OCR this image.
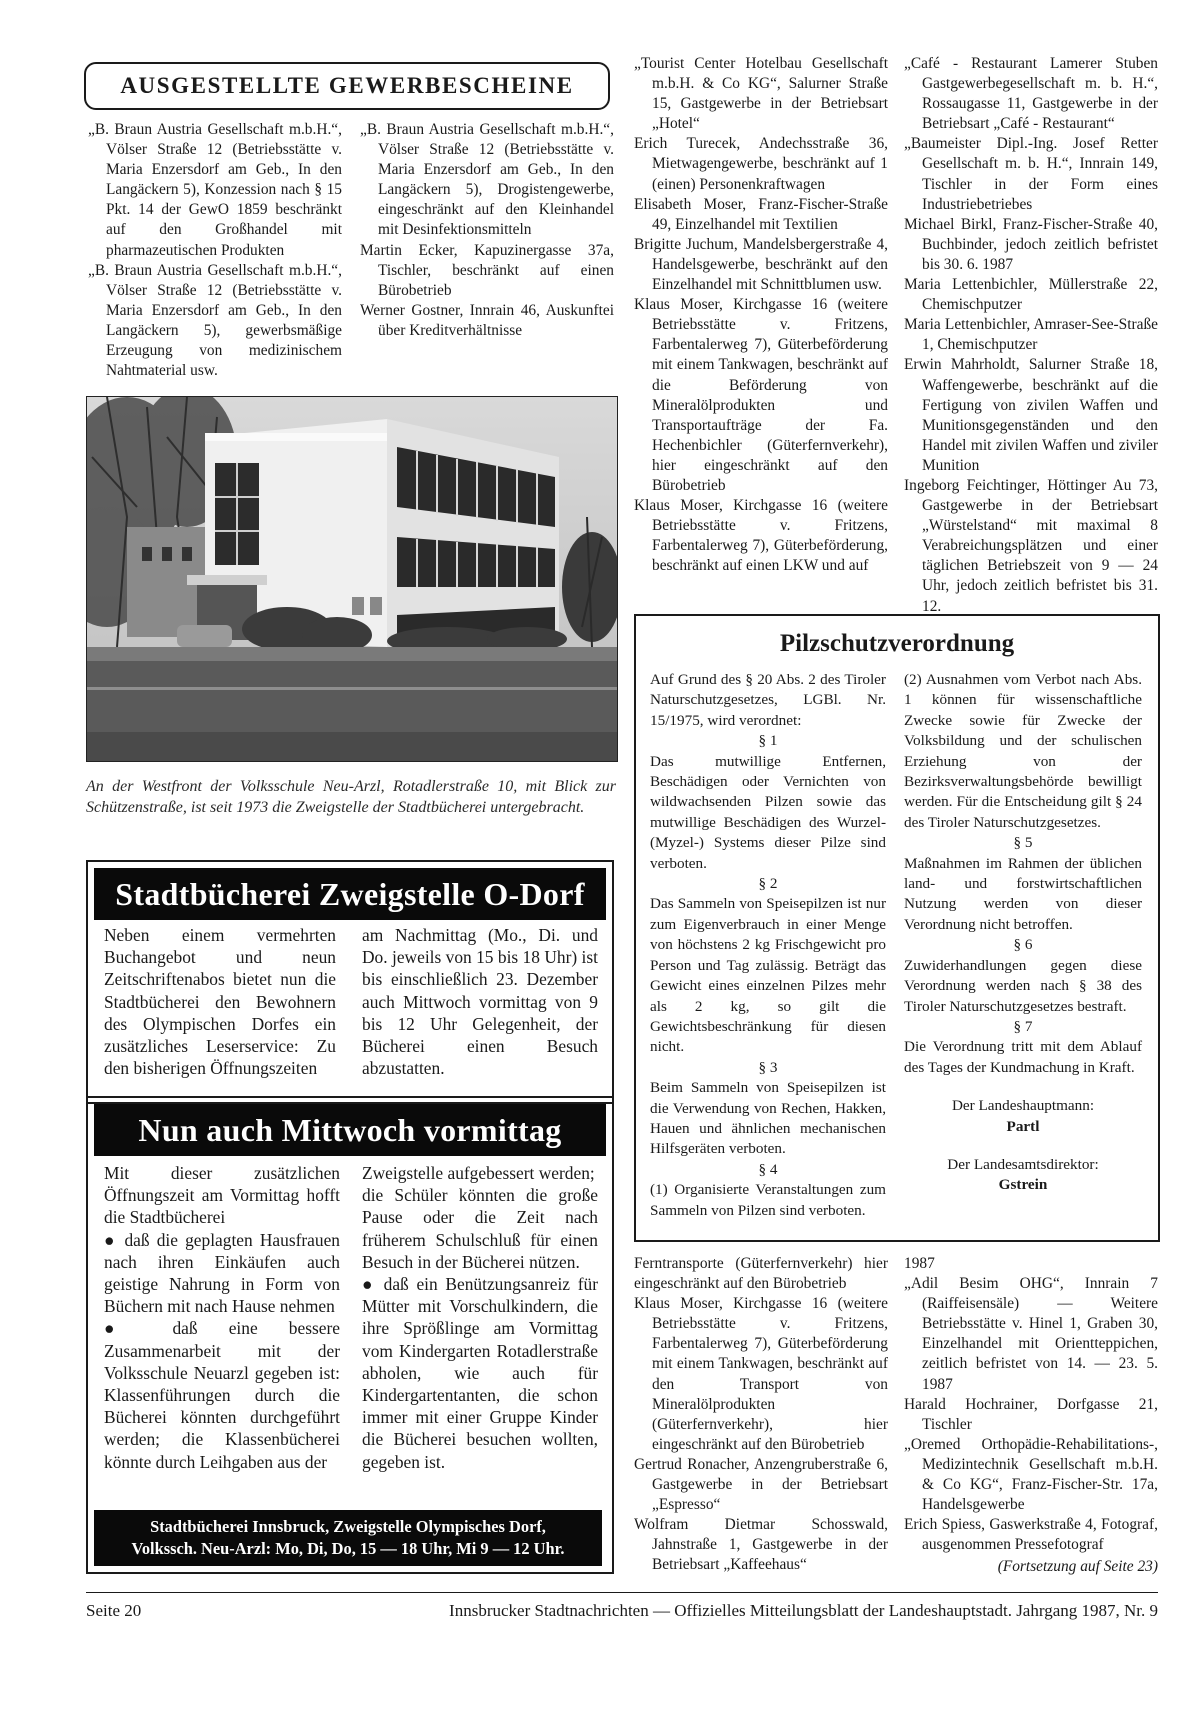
AUSGESTELLTE GEWERBESCHEINE

„B. Braun Austria Gesellschaft m.b.H.“, Völser Straße 12 (Betriebsstätte v. Maria Enzersdorf am Geb., In den Langäckern 5), Konzession nach § 15 Pkt. 14 der GewO 1859 beschränkt auf den Großhandel mit pharmazeutischen Produkten

„B. Braun Austria Gesellschaft m.b.H.“, Völser Straße 12 (Betriebsstätte v. Maria Enzersdorf am Geb., In den Langäckern 5), gewerbsmäßige Erzeugung von medizinischem Nahtmaterial usw.

„B. Braun Austria Gesellschaft m.b.H.“, Völser Straße 12 (Betriebsstätte v. Maria Enzersdorf am Geb., In den Langäckern 5), Drogistengewerbe, eingeschränkt auf den Kleinhandel mit Desinfektionsmitteln

Martin Ecker, Kapuzinergasse 37a, Tischler, beschränkt auf einen Bürobetrieb

Werner Gostner, Innrain 46, Auskunftei über Kreditverhältnisse

„Tourist Center Hotelbau Gesellschaft m.b.H. & Co KG“, Salurner Straße 15, Gastgewerbe in der Betriebsart „Hotel“

Erich Turecek, Andechsstraße 36, Mietwagengewerbe, beschränkt auf 1 (einen) Personenkraftwagen

Elisabeth Moser, Franz-Fischer-Straße 49, Einzelhandel mit Textilien

Brigitte Juchum, Mandelsbergerstraße 4, Handelsgewerbe, beschränkt auf den Einzelhandel mit Schnittblumen usw.

Klaus Moser, Kirchgasse 16 (weitere Betriebsstätte v. Fritzens, Farbentalerweg 7), Güterbeförderung mit einem Tankwagen, beschränkt auf die Beförderung von Mineralölprodukten und Transportaufträge der Fa. Hechenbichler (Güterfernverkehr), hier eingeschränkt auf den Bürobetrieb

Klaus Moser, Kirchgasse 16 (weitere Betriebsstätte v. Fritzens, Farbentalerweg 7), Güterbeförderung, beschränkt auf einen LKW und auf

„Café - Restaurant Lamerer Stuben Gastgewerbegesellschaft m. b. H.“, Rossaugasse 11, Gastgewerbe in der Betriebsart „Café - Restaurant“

„Baumeister Dipl.-Ing. Josef Retter Gesellschaft m. b. H.“, Innrain 149, Tischler in der Form eines Industriebetriebes

Michael Birkl, Franz-Fischer-Straße 40, Buchbinder, jedoch zeitlich befristet bis 30. 6. 1987

Maria Lettenbichler, Müllerstraße 22, Chemischputzer

Maria Lettenbichler, Amraser-See-Straße 1, Chemischputzer

Erwin Mahrholdt, Salurner Straße 18, Waffengewerbe, beschränkt auf die Fertigung von zivilen Waffen und Munitionsgegenständen und den Handel mit zivilen Waffen und ziviler Munition

Ingeborg Feichtinger, Höttinger Au 73, Gastgewerbe in der Betriebsart „Würstelstand“ mit maximal 8 Verabreichungsplätzen und einer täglichen Betriebszeit von 9 — 24 Uhr, jedoch zeitlich befristet bis 31. 12.

An der Westfront der Volksschule Neu-Arzl, Rotadlerstraße 10, mit Blick zur Schützenstraße, ist seit 1973 die Zweigstelle der Stadtbücherei untergebracht.
Stadtbücherei Zweigstelle O-Dorf
Neben einem vermehrten Buchangebot und neun Zeitschriftenabos bietet nun die Stadtbücherei den Bewohnern des Olympischen Dorfes ein zusätzliches Leserservice: Zu den bisherigen Öffnungszeiten
am Nachmittag (Mo., Di. und Do. jeweils von 15 bis 18 Uhr) ist bis einschließlich 23. Dezember auch Mittwoch vormittag von 9 bis 12 Uhr Gelegenheit, der Bücherei einen Besuch abzustatten.
Nun auch Mittwoch vormittag

Mit dieser zusätzlichen Öffnungszeit am Vormittag hofft die Stadtbücherei

● daß die geplagten Hausfrauen nach ihren Einkäufen auch geistige Nahrung in Form von Büchern mit nach Hause nehmen

● daß eine bessere Zusammenarbeit mit der Volksschule Neuarzl gegeben ist: Klassenführungen durch die Bücherei könnten durchgeführt werden; die Klassenbücherei könnte durch Leihgaben aus der

Zweigstelle aufgebessert werden;

die Schüler könnten die große Pause oder die Zeit nach früherem Schulschluß für einen Besuch in der Bücherei nützen.

● daß ein Benützungsanreiz für Mütter mit Vorschulkindern, die ihre Sprößlinge am Vormittag vom Kindergarten Rotadlerstraße abholen, wie auch für Kindergartentanten, die schon immer mit einer Gruppe Kinder die Bücherei besuchen wollten, gegeben ist.

Stadtbücherei Innsbruck, Zweigstelle Olympisches Dorf,
Volkssch. Neu-Arzl: Mo, Di, Do, 15 — 18 Uhr, Mi 9 — 12 Uhr.
Pilzschutzverordnung

Auf Grund des § 20 Abs. 2 des Tiroler Naturschutzgesetzes, LGBl. Nr. 15/1975, wird verordnet:

§ 1

Das mutwillige Entfernen, Beschädigen oder Vernichten von wildwachsenden Pilzen sowie das mutwillige Beschädigen des Wurzel- (Myzel-) Systems dieser Pilze sind verboten.

§ 2

Das Sammeln von Speisepilzen ist nur zum Eigenverbrauch in einer Menge von höchstens 2 kg Frischgewicht pro Person und Tag zulässig. Beträgt das Gewicht eines einzelnen Pilzes mehr als 2 kg, so gilt die Gewichtsbeschränkung für diesen nicht.

§ 3

Beim Sammeln von Speisepilzen ist die Verwendung von Rechen, Hakken, Hauen und ähnlichen mechanischen Hilfsgeräten verboten.

§ 4

(1) Organisierte Veranstaltungen zum Sammeln von Pilzen sind verboten.

(2) Ausnahmen vom Verbot nach Abs. 1 können für wissenschaftliche Zwecke sowie für Zwecke der Volksbildung und der schulischen Erziehung von der Bezirksverwaltungsbehörde bewilligt werden. Für die Entscheidung gilt § 24 des Tiroler Naturschutzgesetzes.

§ 5

Maßnahmen im Rahmen der üblichen land- und forstwirtschaftlichen Nutzung werden von dieser Verordnung nicht betroffen.

§ 6

Zuwiderhandlungen gegen diese Verordnung werden nach § 38 des Tiroler Naturschutzgesetzes bestraft.

§ 7

Die Verordnung tritt mit dem Ablauf des Tages der Kundmachung in Kraft.

Der Landeshauptmann:

Partl

Der Landesamtsdirektor:

Gstrein

Ferntransporte (Güterfernverkehr) hier eingeschränkt auf den Bürobetrieb

Klaus Moser, Kirchgasse 16 (weitere Betriebsstätte v. Fritzens, Farbentalerweg 7), Güterbeförderung mit einem Tankwagen, beschränkt auf den Transport von Mineralölprodukten (Güterfernverkehr), hier eingeschränkt auf den Bürobetrieb

Gertrud Ronacher, Anzengruberstraße 6, Gastgewerbe in der Betriebsart „Espresso“

Wolfram Dietmar Schosswald, Jahnstraße 1, Gastgewerbe in der Betriebsart „Kaffeehaus“

1987

„Adil Besim OHG“, Innrain 7 (Raiffeisensäle) — Weitere Betriebsstätte v. Hinel 1, Graben 30, Einzelhandel mit Orientteppichen, zeitlich befristet von 14. — 23. 5. 1987

Harald Hochrainer, Dorfgasse 21, Tischler

„Oremed Orthopädie-Rehabilitations-, Medizintechnik Gesellschaft m.b.H. & Co KG“, Franz-Fischer-Str. 17a, Handelsgewerbe

Erich Spiess, Gaswerkstraße 4, Fotograf, ausgenommen Pressefotograf

(Fortsetzung auf Seite 23)

Seite 20	Innsbrucker Stadtnachrichten — Offizielles Mitteilungsblatt der Landeshauptstadt. Jahrgang 1987, Nr. 9
